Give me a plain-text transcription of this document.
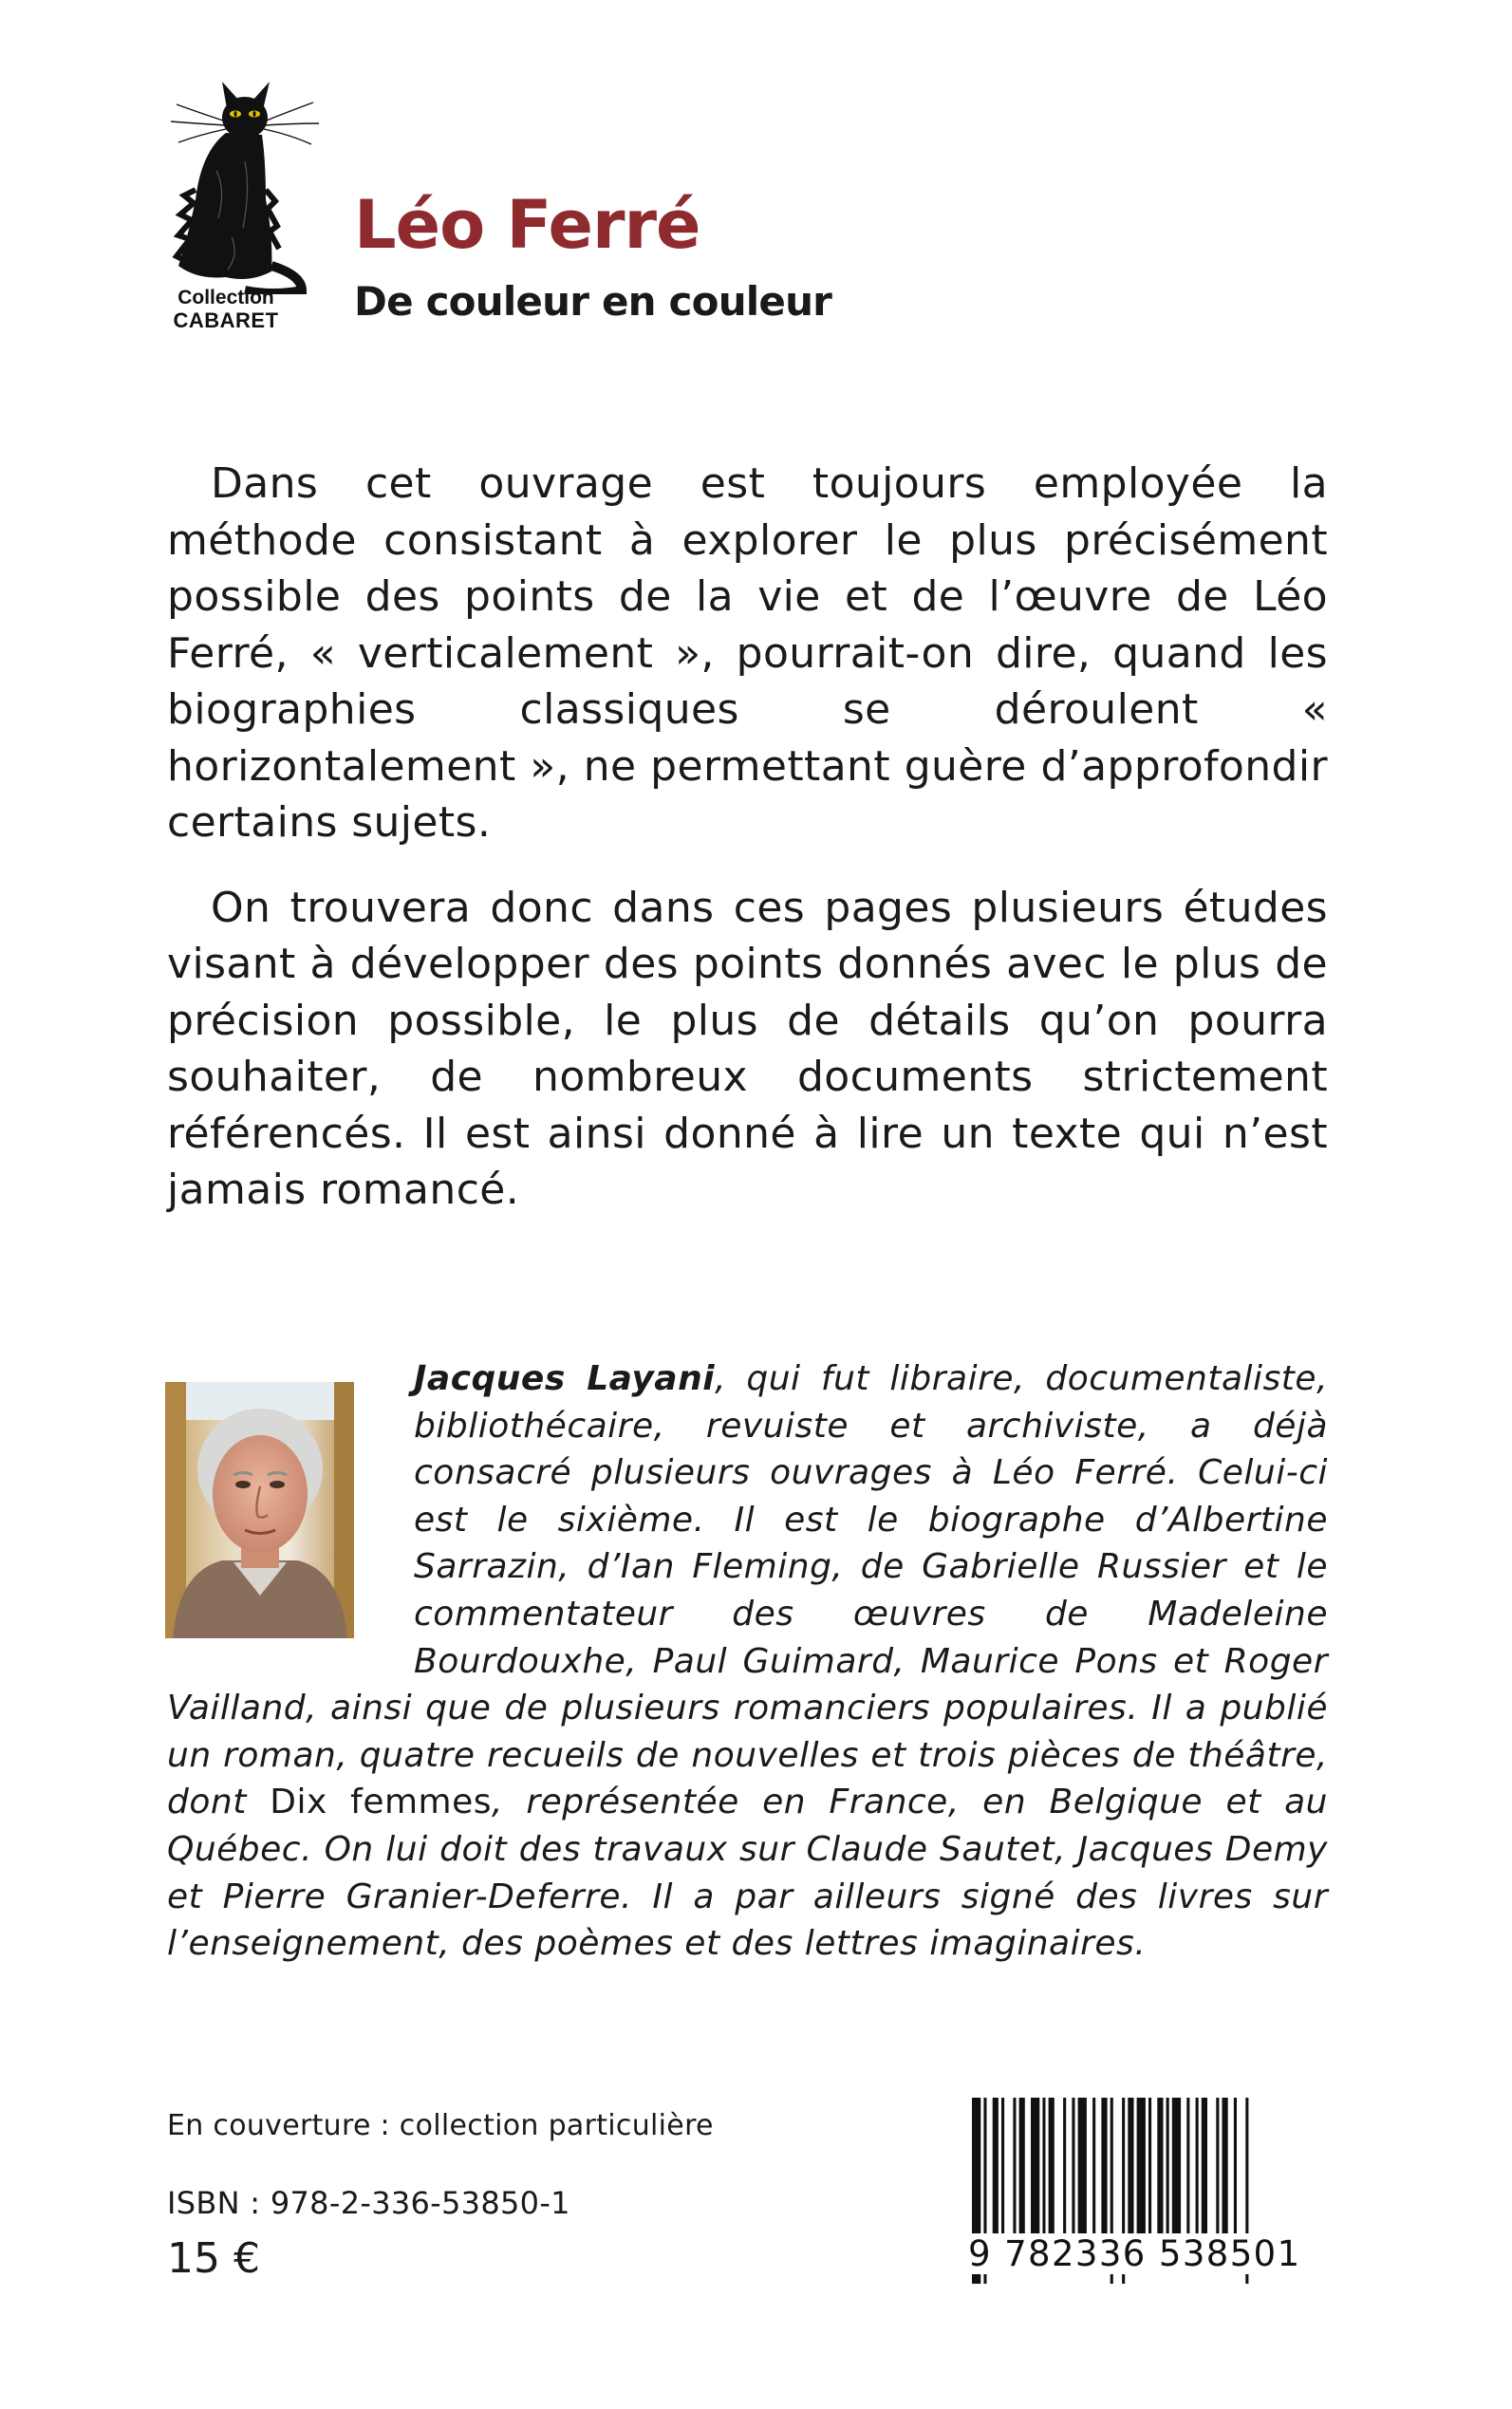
Collection
CABARET
Léo Ferré
De couleur en couleur

Dans cet ouvrage est toujours employée la méthode consistant à explorer le plus précisément possible des points de la vie et de l’œuvre de Léo Ferré, « verticalement », pourrait-on dire, quand les biographies classiques se déroulent « horizontalement », ne permettant guère d’approfondir certains sujets.

On trouvera donc dans ces pages plusieurs études visant à développer des points donnés avec le plus de précision possible, le plus de détails qu’on pourra souhaiter, de nombreux documents strictement référencés. Il est ainsi donné à lire un texte qui n’est jamais romancé.

Jacques Layani, qui fut libraire, documentaliste, bibliothécaire, revuiste et archiviste, a déjà consacré plusieurs ouvrages à Léo Ferré. Celui-ci est le sixième. Il est le biographe d’Albertine Sarrazin, d’Ian Fleming, de Gabrielle Russier et le commentateur des œuvres de Madeleine Bourdouxhe, Paul Guimard, Maurice Pons et Roger Vailland, ainsi que de plusieurs romanciers populaires. Il a publié un roman, quatre recueils de nouvelles et trois pièces de théâtre, dont Dix femmes, représentée en France, en Belgique et au Québec. On lui doit des travaux sur Claude Sautet, Jacques Demy et Pierre Granier-Deferre. Il a par ailleurs signé des livres sur l’enseignement, des poèmes et des lettres imaginaires.

En couverture : collection particulière
ISBN : 978-2-336-53850-1
15 €	9 782336 538501
